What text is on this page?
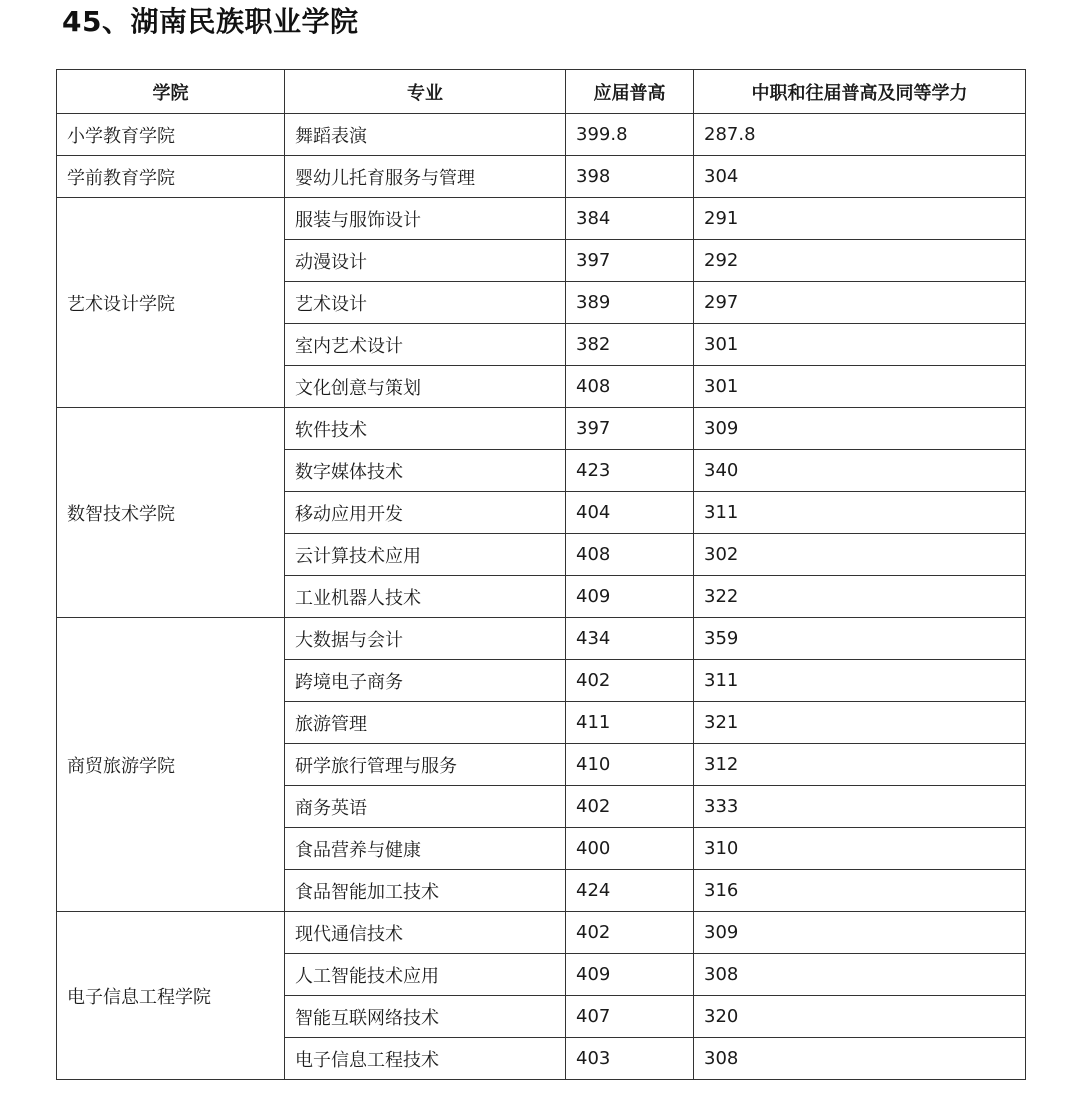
45、湖南民族职业学院
学院	专业	应届普高	中职和往届普高及同等学力
小学教育学院	舞蹈表演	399.8	287.8
学前教育学院	婴幼儿托育服务与管理	398	304
艺术设计学院	服装与服饰设计	384	291
	动漫设计	397	292
	艺术设计	389	297
	室内艺术设计	382	301
	文化创意与策划	408	301
数智技术学院	软件技术	397	309
	数字媒体技术	423	340
	移动应用开发	404	311
	云计算技术应用	408	302
	工业机器人技术	409	322
商贸旅游学院	大数据与会计	434	359
	跨境电子商务	402	311
	旅游管理	411	321
	研学旅行管理与服务	410	312
	商务英语	402	333
	食品营养与健康	400	310
	食品智能加工技术	424	316
电子信息工程学院	现代通信技术	402	309
	人工智能技术应用	409	308
	智能互联网络技术	407	320
	电子信息工程技术	403	308
